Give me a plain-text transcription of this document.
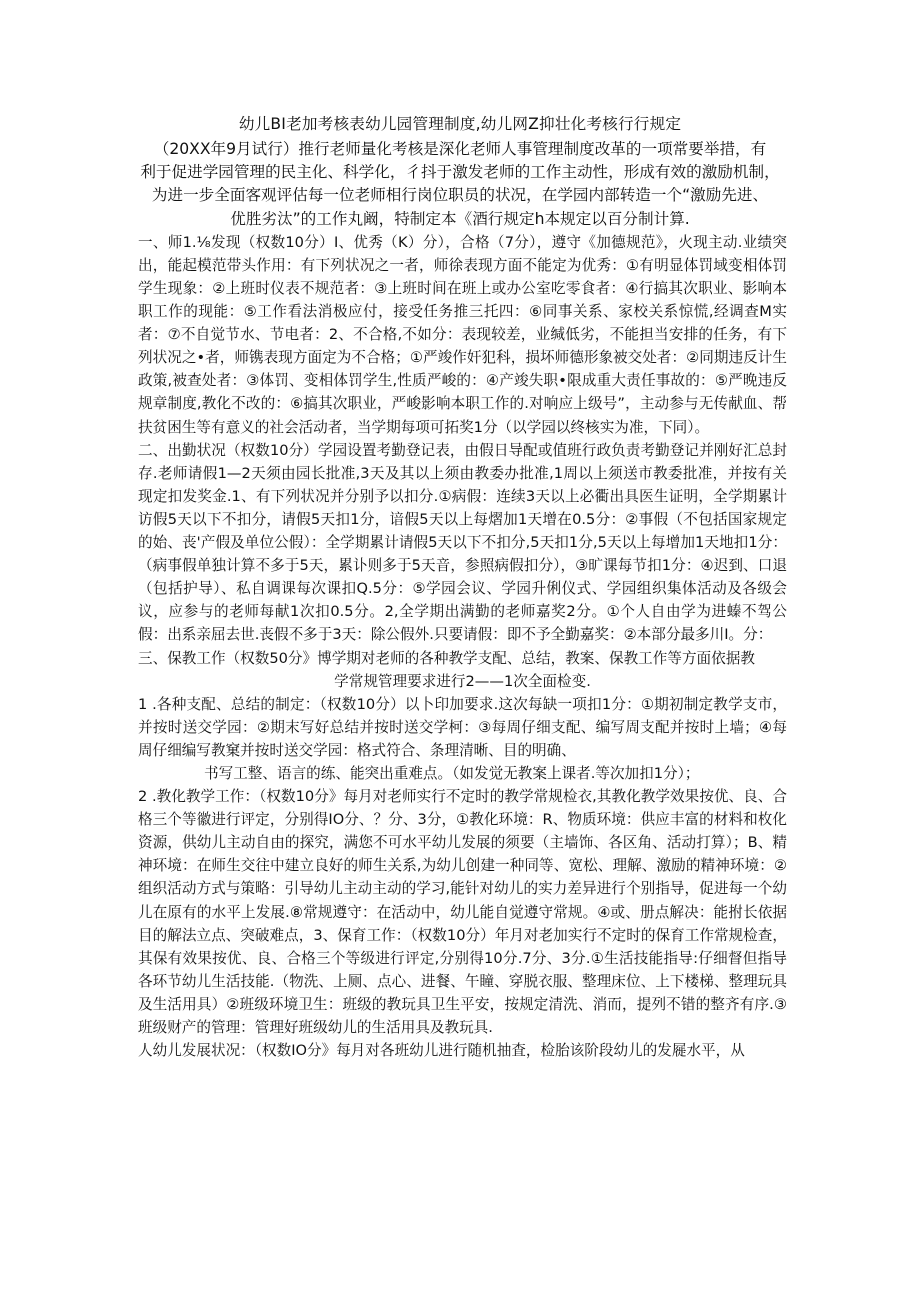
幼儿BI老加考核表幼儿园管理制度,幼儿网Z抑壮化考核行行规定
（20XX年9月试行）推行老师量化考核是深化老师人事管理制度改革的一项常要举措，有
利于促进学园管理的民主化、科学化，彳抖于激发老师的工作主动性，形成有效的激励机制，
为进一步全面客观评估每一位老师相行岗位职员的状况，在学园内部转造一个“激励先进、
优胜劣汰”的工作丸阚，特制定本《酒行规定h本规定以百分制计算.

一、师1.⅛发现（权数10分）I、优秀（K）分），合格（7分），遵守《加德规范》，火现主动.业绩突出，能起模范带头作用：有下列状况之一者，师徐表现方面不能定为优秀：①有明显体罚域变相体罚学生现象：②上班时仪表不规范者：③上班时间在班上或办公室吃零食者：④行搞其次职业、影响本职工作的现能：⑤工作看法消极应付，接受任务推三托四：⑥同事关系、家校关系惊慌,经调查M实者：⑦不自觉节水、节电者：2、不合格,不如分：表现较差，业缄低劣，不能担当安排的任务，有下列状况之•者，师镌表现方面定为不合格；①严竣作奸犯科，损坏师德形象被交处者：②同期违反计生政策,被查处者：③体罚、变相体罚学生,性质严峻的：④产竣失职•限成重大责任事故的：⑤严晚违反规章制度,教化不改的：⑥搞其次职业，严峻影响本职工作的.对响应上级号”，主动参与无传献血、帮扶贫困生等有意义的社会活动者，当学期每项可拓奖1分（以学园以终核实为准，下同）。

二、出勤状况（权数10分）学园设置考勤登记表，由假日导配或值班行政负责考勤登记并刚好汇总封存.老师请假1—2天须由园长批准,3天及其以上须由教委办批准,1周以上须送市教委批准，并按有关现定扣发奖金.1、有下列状况并分别予以扣分.①病假：连续3天以上必衢出具医生证明，全学期累计访假5天以下不扣分，请假5天扣1分，谙假5天以上每熠加1天增在0.5分：②事假（不包括国家规定的始、丧'产假及单位公假）：全学期累计请假5天以下不扣分,5天扣1分,5天以上每增加1天地扣1分：（病事假单独计算不多于5天，累讣则多于5天音，参照病假扣分），③旷课每节扣1分：④迟到、口退（包括护导）、私自调课每次课扣Q.5分：⑤学园会议、学园升俐仪式、学园组织集体活动及各级会议，应参与的老师每献1次扣0.5分。2,全学期出满勤的老师嘉奖2分。①个人自由学为进螓不驾公假：出系亲屈去世.丧假不多于3天：除公假外.只要请假：即不予全勤嘉奖：②本部分最多川I。分：

三、保教工作（权数50分》博学期对老师的各种教学支配、总结，教案、保教工作等方面依据教

学常规管理要求进行2——1次全面检变.

1 .各种支配、总结的制定：（权数10分）以卜印加要求.这次每缺一项扣1分：①期初制定教学支市，并按时送交学园：②期末写好总结并按时送交学柯：③每周仔细支配、编写周支配并按时上墙；④每周仔细编写教窠并按时送交学园：格式符合、条理清晰、目的明确、

书写工整、语言的练、能突出重难点。（如发觉无教案上课者.等次加扣1分）；

2 .教化教学工作：（权数10分》每月对老师实行不定时的教学常规检衣,其教化教学效果按优、良、合格三个等徽进行评定，分别得IO分、？分、3分，①教化环境：R、物质环境：供应丰富的材料和枚化资源，供幼儿主动自由的探究，满您不可水平幼儿发展的须要（主墙饰、各区角、活动打算）；B、精神环境：在师生交往中建立良好的师生关系,为幼儿创建一种同等、宽松、理解、激励的精神环境：②组织活动方式与策略：引导幼儿主动主动的学习,能针对幼儿的实力差异进行个别指导，促进每一个幼儿在原有的水平上发展.⑧常规遵守：在活动中，幼儿能自觉遵守常规。④或、册点解决：能拊长依据目的解法立点、突破难点，3、保育工作：（权数10分）年月对老加实行不定时的保育工作常规检查，其保有效果按优、良、合格三个等级进行评定,分别得10分.7分、3分.①生活技能指导:仔细督但指导各环节幼儿生活技能.（物洗、上厕、点心、进餐、午瞳、穿脱衣服、整理床位、上下楼梯、整理玩具及生活用具）②班级环境卫生：班级的教玩具卫生平安，按规定清洗、消而，提列不错的整齐有序.③班级财产的管理：管理好班级幼儿的生活用具及教玩具.

人幼儿发展状况：（权数IO分》每月对各班幼儿进行随机抽査，检胎该阶段幼儿的发屣水平，从
